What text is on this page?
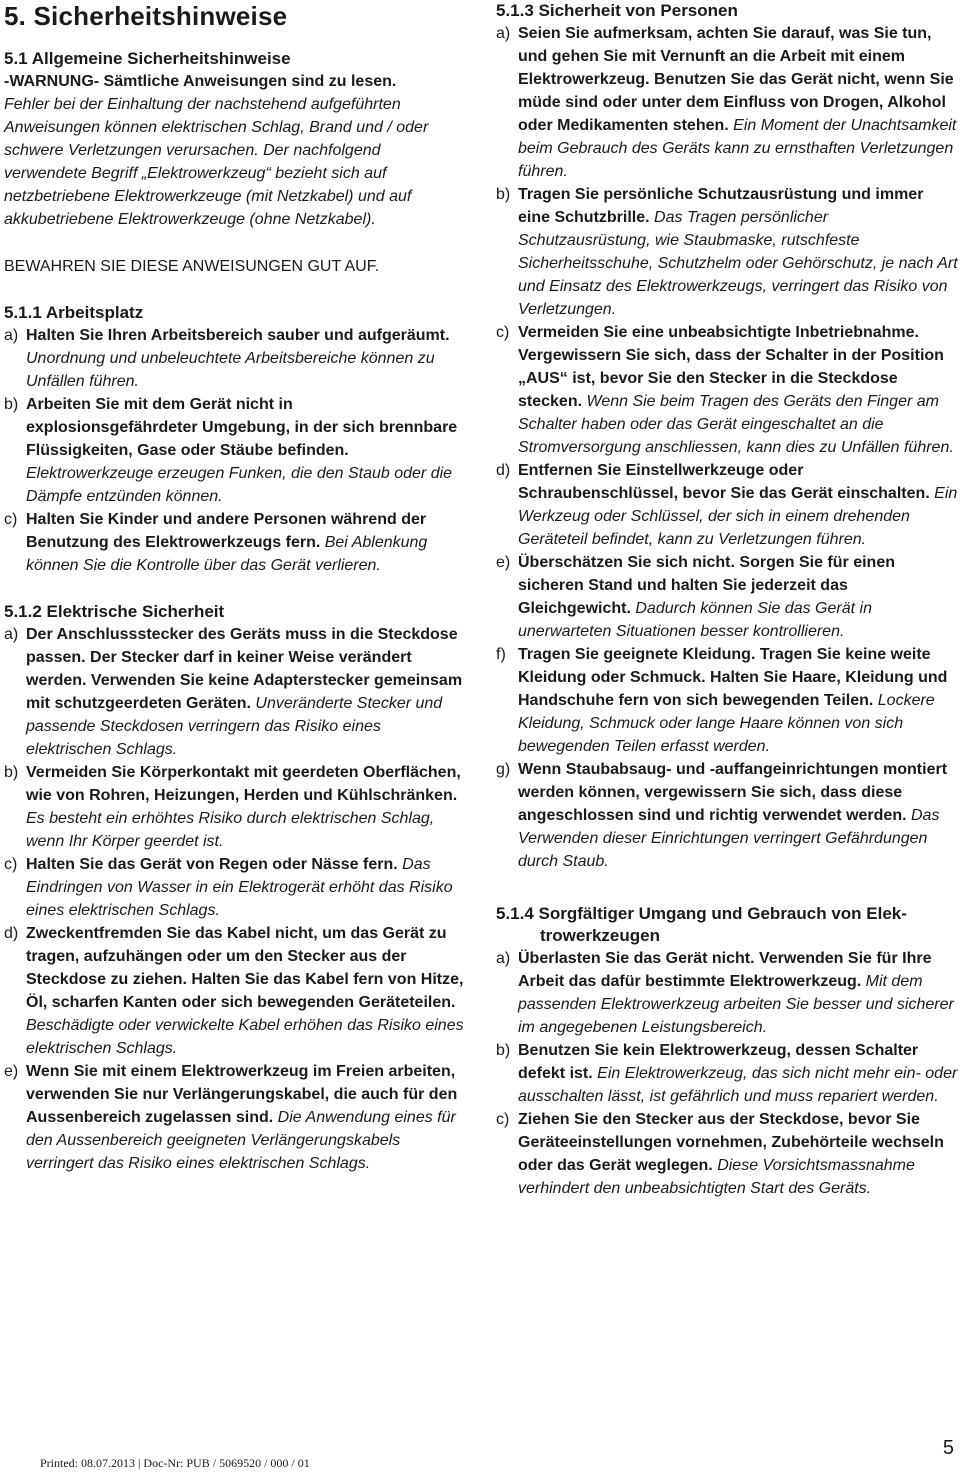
5. Sicherheitshinweise
5.1 Allgemeine Sicherheitshinweise

-WARNUNG- Sämtliche Anweisungen sind zu lesen.

Fehler bei der Einhaltung der nachstehend aufgeführten Anweisungen können elektrischen Schlag, Brand und / oder schwere Verletzungen verursachen. Der nachfolgend verwendete Begriff „Elektrowerkzeug“ bezieht sich auf netzbetriebene Elektrowerkzeuge (mit Netzkabel) und auf akkubetriebene Elektrowerkzeuge (ohne Netzkabel).

BEWAHREN SIE DIESE ANWEISUNGEN GUT AUF.

5.1.1 Arbeitsplatz

a) Halten Sie Ihren Arbeitsbereich sauber und aufgeräumt. Unordnung und unbeleuchtete Arbeitsbereiche können zu Unfällen führen.

b) Arbeiten Sie mit dem Gerät nicht in explosionsgefährdeter Umgebung, in der sich brennbare Flüssigkeiten, Gase oder Stäube befinden. Elektrowerkzeuge erzeugen Funken, die den Staub oder die Dämpfe entzünden können.

c) Halten Sie Kinder und andere Personen während der Benutzung des Elektrowerkzeugs fern. Bei Ablenkung können Sie die Kontrolle über das Gerät verlieren.

5.1.2 Elektrische Sicherheit

a) Der Anschlussstecker des Geräts muss in die Steckdose passen. Der Stecker darf in keiner Weise verändert werden. Verwenden Sie keine Adapterstecker gemeinsam mit schutzgeerdeten Geräten. Unveränderte Stecker und passende Steckdosen verringern das Risiko eines elektrischen Schlags.

b) Vermeiden Sie Körperkontakt mit geerdeten Oberflächen, wie von Rohren, Heizungen, Herden und Kühlschränken. Es besteht ein erhöhtes Risiko durch elektrischen Schlag, wenn Ihr Körper geerdet ist.

c) Halten Sie das Gerät von Regen oder Nässe fern. Das Eindringen von Wasser in ein Elektrogerät erhöht das Risiko eines elektrischen Schlags.

d) Zweckentfremden Sie das Kabel nicht, um das Gerät zu tragen, aufzuhängen oder um den Stecker aus der Steckdose zu ziehen. Halten Sie das Kabel fern von Hitze, Öl, scharfen Kanten oder sich bewegenden Geräteteilen. Beschädigte oder verwickelte Kabel erhöhen das Risiko eines elektrischen Schlags.

e) Wenn Sie mit einem Elektrowerkzeug im Freien arbeiten, verwenden Sie nur Verlängerungskabel, die auch für den Aussenbereich zugelassen sind. Die Anwendung eines für den Aussenbereich geeigneten Verlängerungskabels verringert das Risiko eines elektrischen Schlags.

5.1.3 Sicherheit von Personen

a) Seien Sie aufmerksam, achten Sie darauf, was Sie tun, und gehen Sie mit Vernunft an die Arbeit mit einem Elektrowerkzeug. Benutzen Sie das Gerät nicht, wenn Sie müde sind oder unter dem Einfluss von Drogen, Alkohol oder Medikamenten stehen. Ein Moment der Unachtsamkeit beim Gebrauch des Geräts kann zu ernsthaften Verletzungen führen.

b) Tragen Sie persönliche Schutzausrüstung und immer eine Schutzbrille. Das Tragen persönlicher Schutzausrüstung, wie Staubmaske, rutschfeste Sicherheitsschuhe, Schutzhelm oder Gehörschutz, je nach Art und Einsatz des Elektrowerkzeugs, verringert das Risiko von Verletzungen.

c) Vermeiden Sie eine unbeabsichtigte Inbetriebnahme. Vergewissern Sie sich, dass der Schalter in der Position „AUS“ ist, bevor Sie den Stecker in die Steckdose stecken. Wenn Sie beim Tragen des Geräts den Finger am Schalter haben oder das Gerät eingeschaltet an die Stromversorgung anschliessen, kann dies zu Unfällen führen.

d) Entfernen Sie Einstellwerkzeuge oder Schraubenschlüssel, bevor Sie das Gerät einschalten. Ein Werkzeug oder Schlüssel, der sich in einem drehenden Geräteteil befindet, kann zu Verletzungen führen.

e) Überschätzen Sie sich nicht. Sorgen Sie für einen sicheren Stand und halten Sie jederzeit das Gleichgewicht. Dadurch können Sie das Gerät in unerwarteten Situationen besser kontrollieren.

f) Tragen Sie geeignete Kleidung. Tragen Sie keine weite Kleidung oder Schmuck. Halten Sie Haare, Kleidung und Handschuhe fern von sich bewegenden Teilen. Lockere Kleidung, Schmuck oder lange Haare können von sich bewegenden Teilen erfasst werden.

g) Wenn Staubabsaug- und -auffangeinrichtungen montiert werden können, vergewissern Sie sich, dass diese angeschlossen sind und richtig verwendet werden. Das Verwenden dieser Einrichtungen verringert Gefährdungen durch Staub.

5.1.4 Sorgfältiger Umgang und Gebrauch von Elek-
trowerkzeugen

a) Überlasten Sie das Gerät nicht. Verwenden Sie für Ihre Arbeit das dafür bestimmte Elektrowerkzeug. Mit dem passenden Elektrowerkzeug arbeiten Sie besser und sicherer im angegebenen Leistungsbereich.

b) Benutzen Sie kein Elektrowerkzeug, dessen Schalter defekt ist. Ein Elektrowerkzeug, das sich nicht mehr ein- oder ausschalten lässt, ist gefährlich und muss repariert werden.

c) Ziehen Sie den Stecker aus der Steckdose, bevor Sie Geräteeinstellungen vornehmen, Zubehörteile wechseln oder das Gerät weglegen. Diese Vorsichtsmassnahme verhindert den unbeabsichtigten Start des Geräts.

Printed: 08.07.2013 | Doc-Nr: PUB / 5069520 / 000 / 01
5
